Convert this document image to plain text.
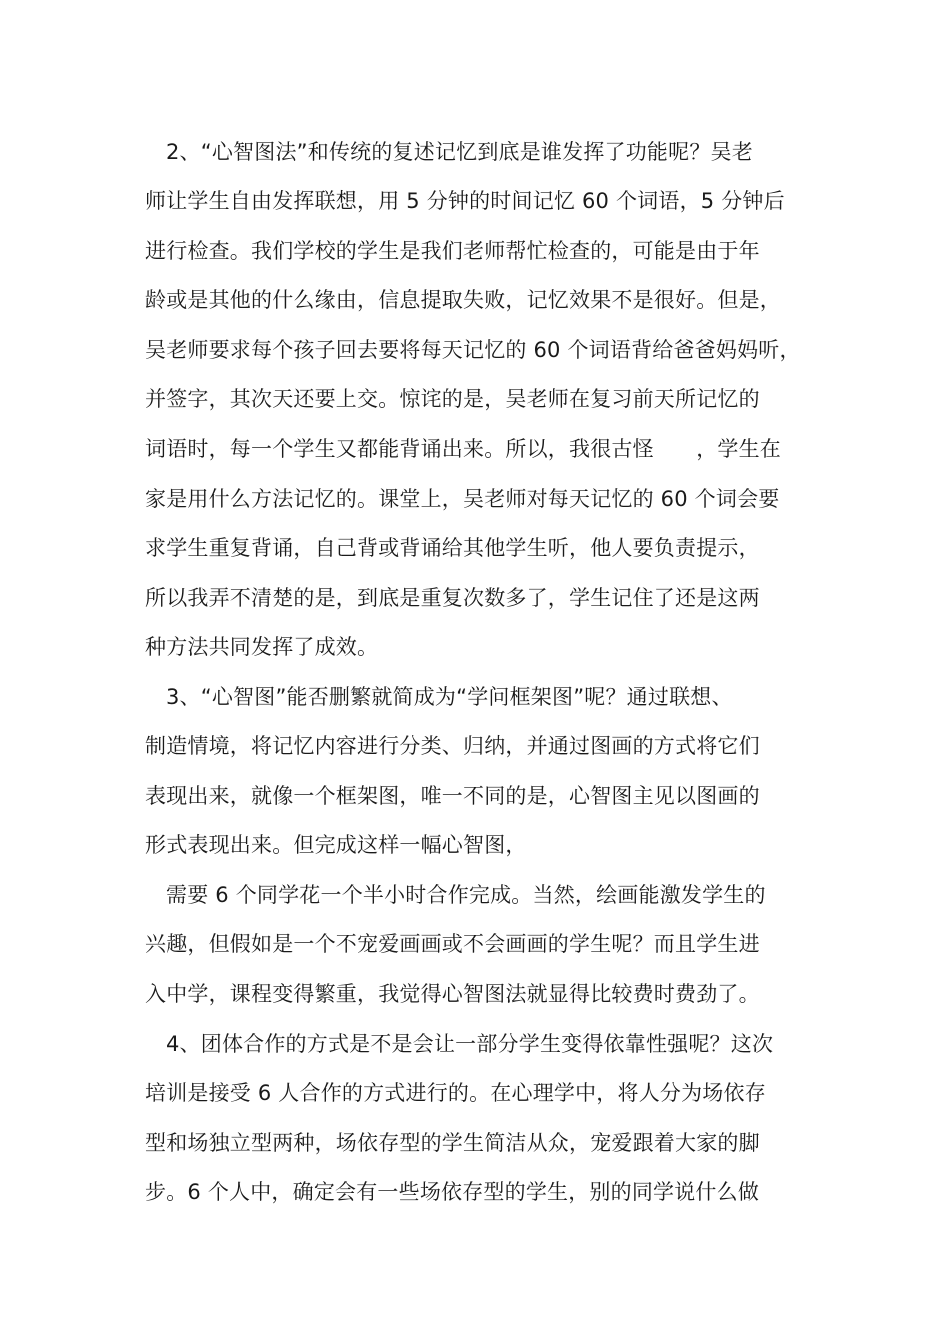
2、“心智图法”和传统的复述记忆到底是谁发挥了功能呢？吴老
师让学生自由发挥联想，用 5 分钟的时间记忆 60 个词语，5 分钟后
进行检查。我们学校的学生是我们老师帮忙检查的，可能是由于年
龄或是其他的什么缘由，信息提取失败，记忆效果不是很好。但是，
吴老师要求每个孩子回去要将每天记忆的 60 个词语背给爸爸妈妈听，
并签字，其次天还要上交。惊诧的是，吴老师在复习前天所记忆的
词语时，每一个学生又都能背诵出来。所以，我很古怪　　，学生在
家是用什么方法记忆的。课堂上，吴老师对每天记忆的 60 个词会要
求学生重复背诵，自己背或背诵给其他学生听，他人要负责提示，
所以我弄不清楚的是，到底是重复次数多了，学生记住了还是这两
种方法共同发挥了成效。
3、“心智图”能否删繁就简成为“学问框架图”呢？通过联想、
制造情境，将记忆内容进行分类、归纳，并通过图画的方式将它们
表现出来，就像一个框架图，唯一不同的是，心智图主见以图画的
形式表现出来。但完成这样一幅心智图，
需要 6 个同学花一个半小时合作完成。当然，绘画能激发学生的
兴趣，但假如是一个不宠爱画画或不会画画的学生呢？而且学生进
入中学，课程变得繁重，我觉得心智图法就显得比较费时费劲了。
4、团体合作的方式是不是会让一部分学生变得依靠性强呢？这次
培训是接受 6 人合作的方式进行的。在心理学中，将人分为场依存
型和场独立型两种，场依存型的学生简洁从众，宠爱跟着大家的脚
步。6 个人中，确定会有一些场依存型的学生，别的同学说什么做
